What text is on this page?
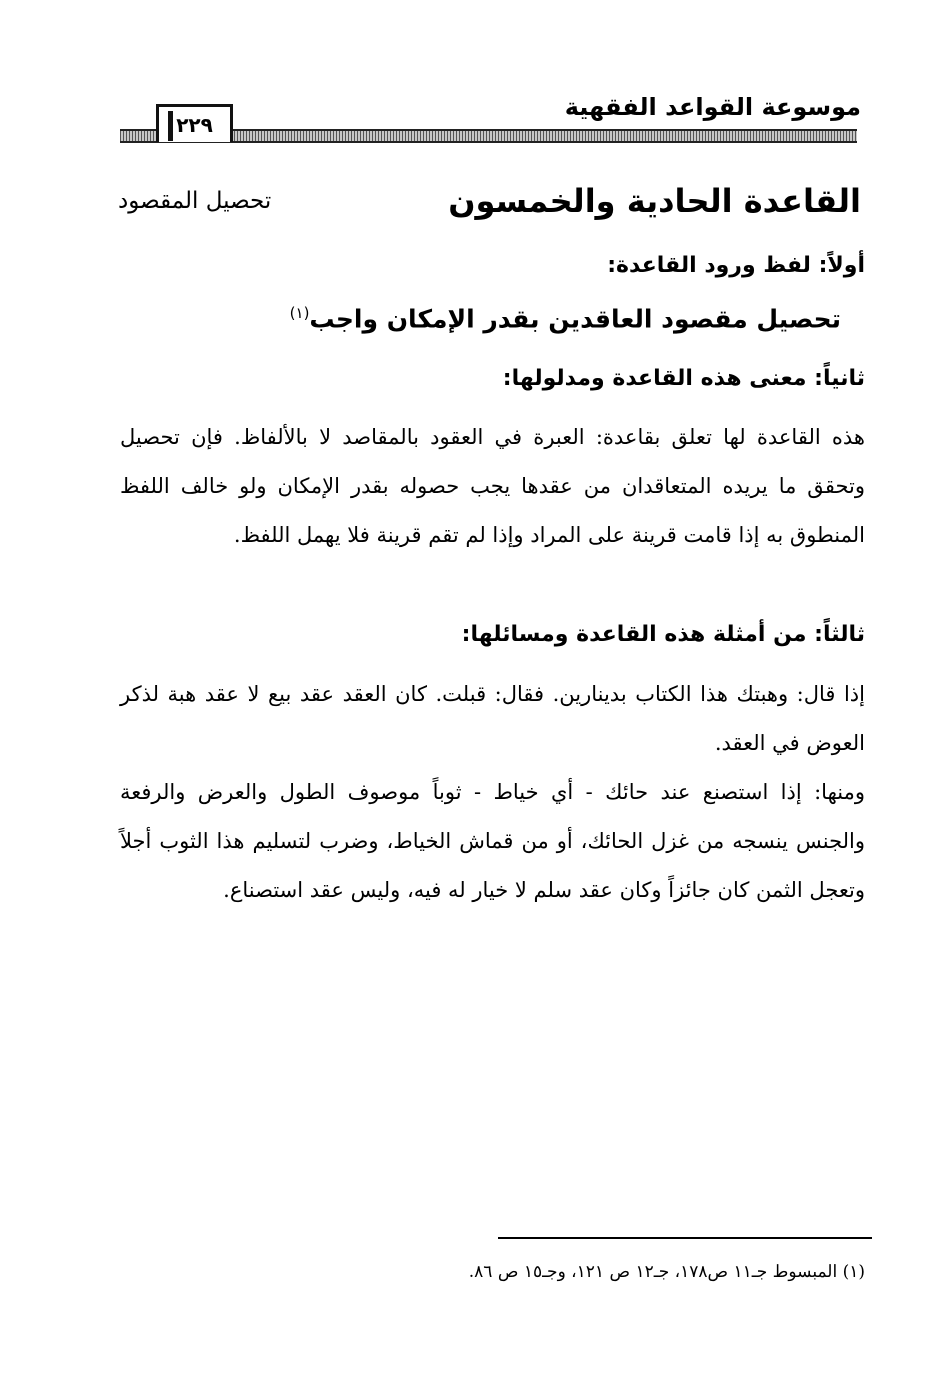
موسوعة القواعد الفقهية
٢٢٩
القاعدة الحادية والخمسون
تحصيل المقصود
أولاً: لفظ ورود القاعدة:
تحصيل مقصود العاقدين بقدر الإمكان واجب$^{(١)}$
ثانياً: معنى هذه القاعدة ومدلولها:
هذه القاعدة لها تعلق بقاعدة: العبرة في العقود بالمقاصد لا بالألفاظ. فإن تحصيل وتحقق ما يريده المتعاقدان من عقدها يجب حصوله بقدر الإمكان ولو خالف اللفظ المنطوق به إذا قامت قرينة على المراد وإذا لم تقم قرينة فلا يهمل اللفظ.
ثالثاً: من أمثلة هذه القاعدة ومسائلها:
إذا قال: وهبتك هذا الكتاب بدينارين. فقال: قبلت. كان العقد عقد بيع لا عقد هبة لذكر العوض في العقد.
ومنها: إذا استصنع عند حائك - أي خياط - ثوباً موصوف الطول والعرض والرفعة والجنس ينسجه من غزل الحائك، أو من قماش الخياط، وضرب لتسليم هذا الثوب أجلاً وتعجل الثمن كان جائزاً وكان عقد سلم لا خيار له فيه، وليس عقد استصناع.
(١) المبسوط جـ١١ ص١٧٨، جـ١٢ ص ١٢١، وجـ١٥ ص ٨٦.
